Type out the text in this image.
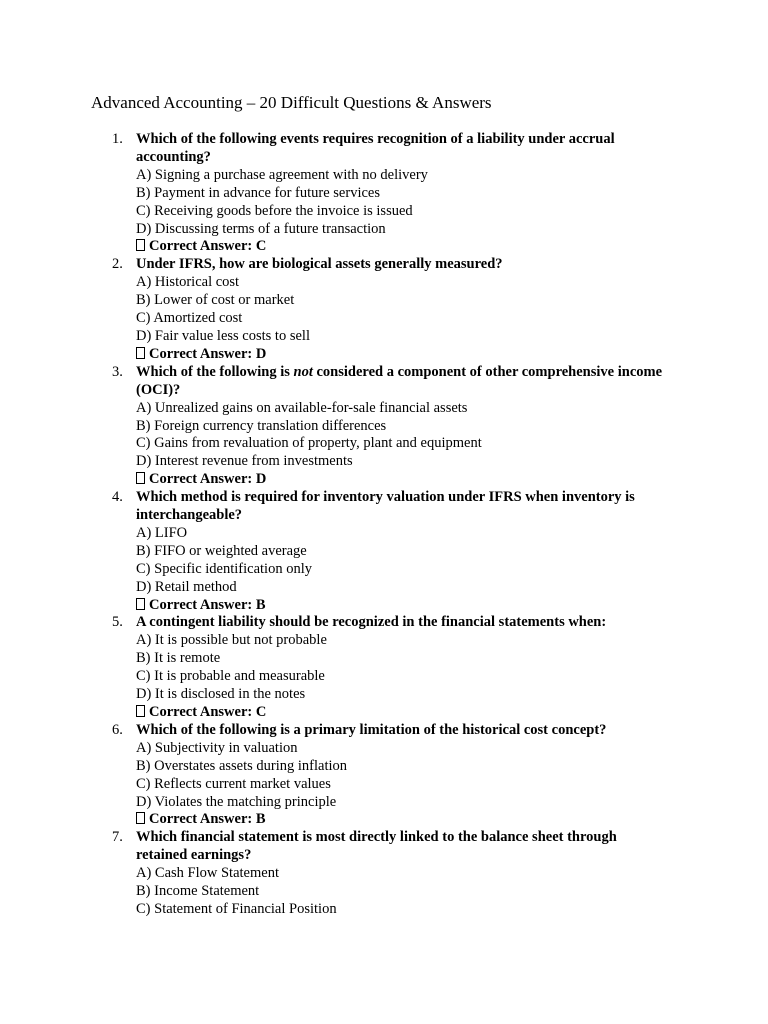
Advanced Accounting – 20 Difficult Questions & Answers
1. Which of the following events requires recognition of a liability under accrual accounting?
A) Signing a purchase agreement with no delivery
B) Payment in advance for future services
C) Receiving goods before the invoice is issued
D) Discussing terms of a future transaction
Correct Answer: C
2. Under IFRS, how are biological assets generally measured?
A) Historical cost
B) Lower of cost or market
C) Amortized cost
D) Fair value less costs to sell
Correct Answer: D
3. Which of the following is not considered a component of other comprehensive income (OCI)?
A) Unrealized gains on available-for-sale financial assets
B) Foreign currency translation differences
C) Gains from revaluation of property, plant and equipment
D) Interest revenue from investments
Correct Answer: D
4. Which method is required for inventory valuation under IFRS when inventory is interchangeable?
A) LIFO
B) FIFO or weighted average
C) Specific identification only
D) Retail method
Correct Answer: B
5. A contingent liability should be recognized in the financial statements when:
A) It is possible but not probable
B) It is remote
C) It is probable and measurable
D) It is disclosed in the notes
Correct Answer: C
6. Which of the following is a primary limitation of the historical cost concept?
A) Subjectivity in valuation
B) Overstates assets during inflation
C) Reflects current market values
D) Violates the matching principle
Correct Answer: B
7. Which financial statement is most directly linked to the balance sheet through retained earnings?
A) Cash Flow Statement
B) Income Statement
C) Statement of Financial Position
